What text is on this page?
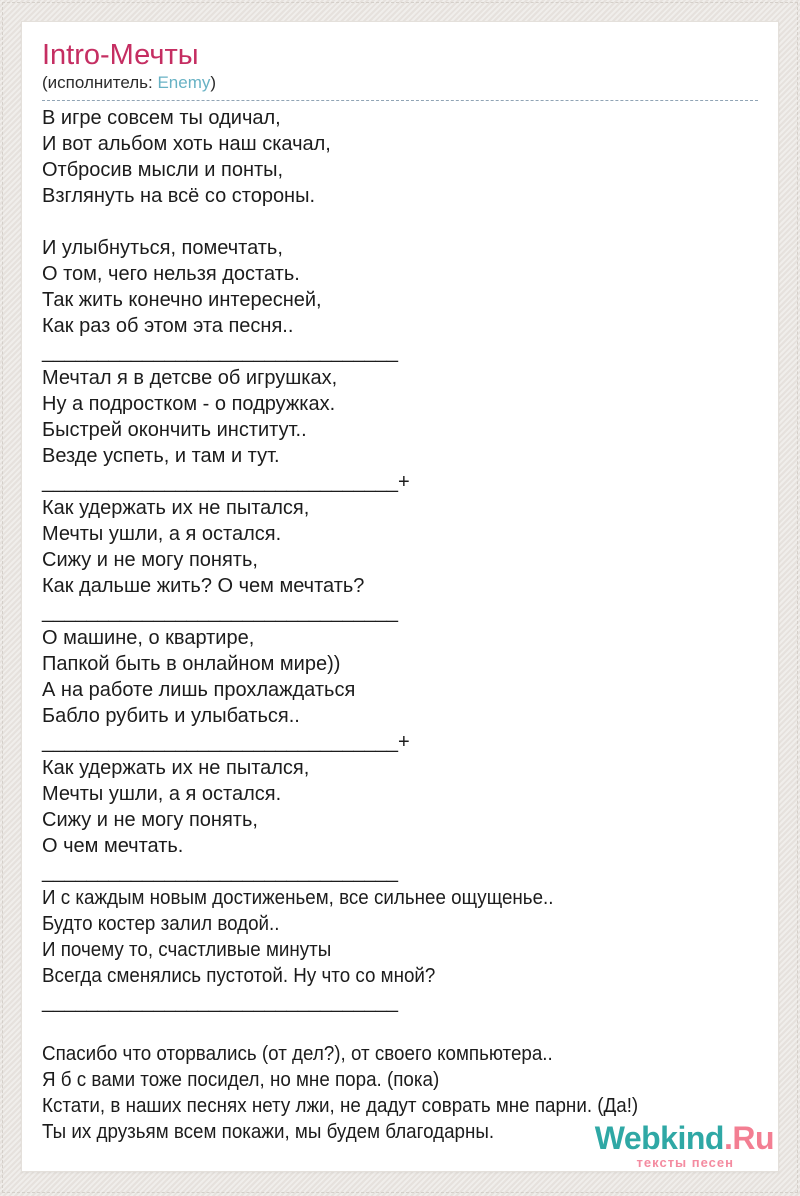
Intro-Мечты

(исполнитель: Enemy)

В игре совсем ты одичал,
И вот альбом хоть наш скачал,
Отбросив мысли и понты,
Взглянуть на всё со стороны.

И улыбнуться, помечтать,
О том, чего нельзя достать.
Так жить конечно интересней,
Как раз об этом эта песня..
________________________________
Мечтал я в детсве об игрушках,
Ну а подростком - о подружках.
Быстрей окончить институт..
Везде успеть, и там и тут.
________________________________+
Как удержать их не пытался,
Мечты ушли, а я остался.
Сижу и не могу понять,
Как дальше жить? О чем мечтать?
________________________________
О машине, о квартире,
Папкой быть в онлайном мире))
А на работе лишь прохлаждаться
Бабло рубить и улыбаться..
________________________________+
Как удержать их не пытался,
Мечты ушли, а я остался.
Сижу и не могу понять,
О чем мечтать.
________________________________
И с каждым новым достиженьем, все сильнее ощущенье..
Будто костер залил водой..
И почему то, счастливые минуты
Всегда сменялись пустотой. Ну что со мной?
________________________________

Спасибо что оторвались (от дел?), от своего компьютера..
Я б с вами тоже посидел, но мне пора. (пока)
Кстати, в наших песнях нету лжи, не дадут соврать мне парни. (Да!)
Ты их друзьям всем покажи, мы будем благодарны.	Webkind.Ru
тексты песен
